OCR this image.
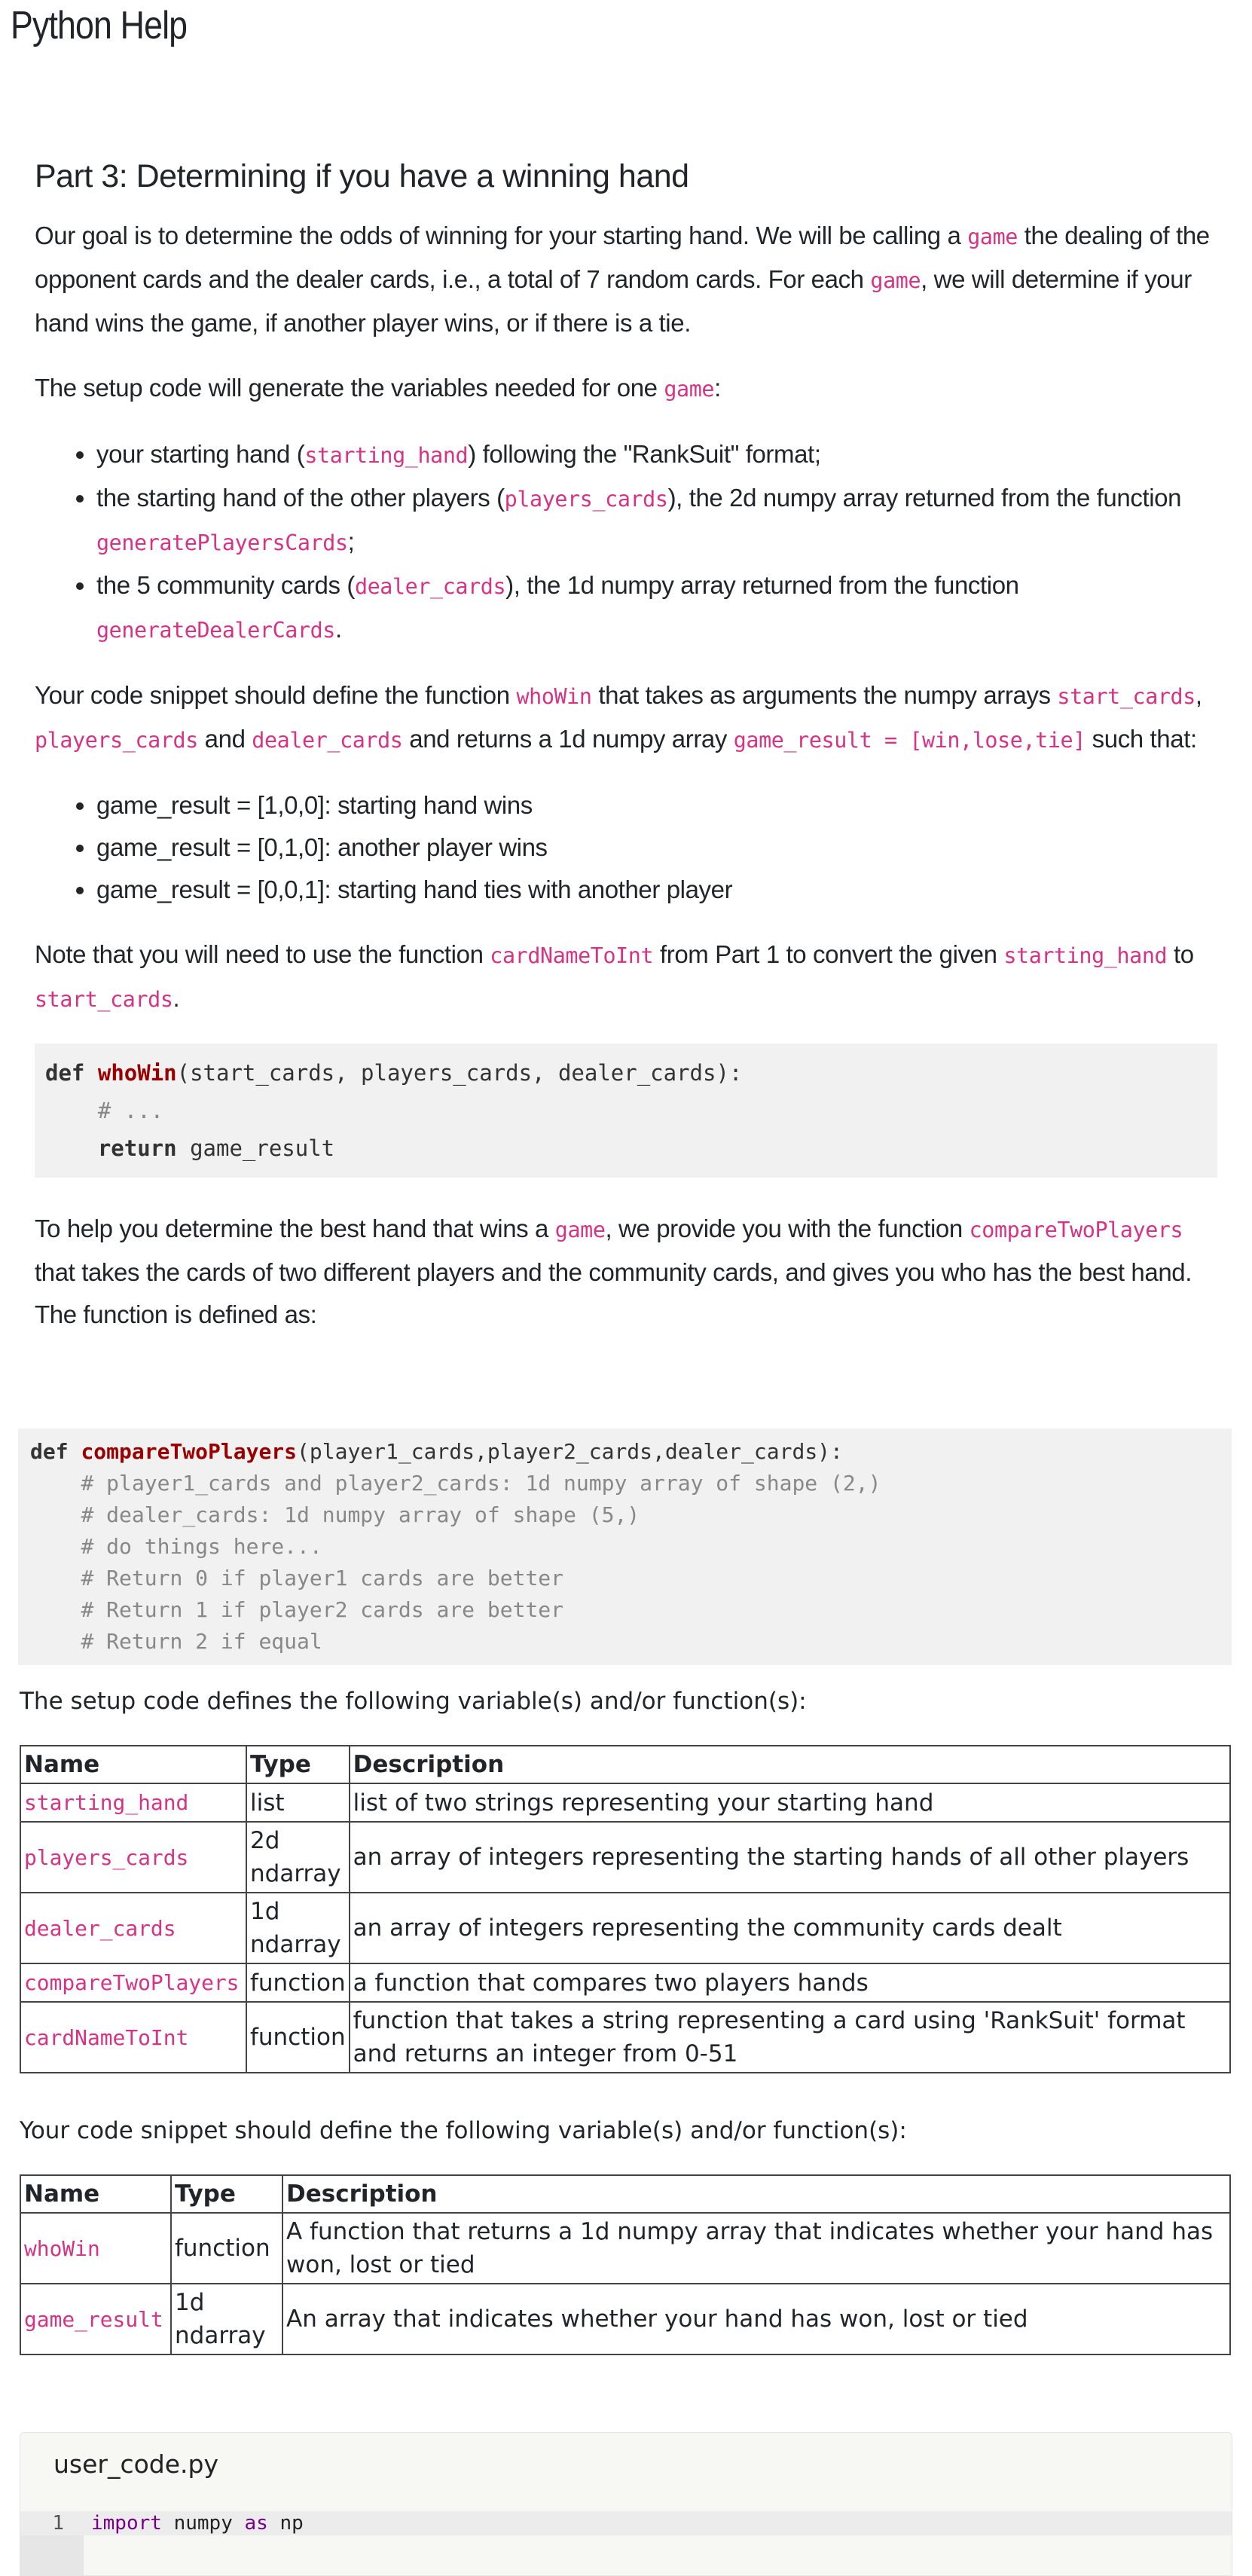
Python Help
Part 3: Determining if you have a winning hand

Our goal is to determine the odds of winning for your starting hand. We will be calling a game the dealing of the opponent cards and the dealer cards, i.e., a total of 7 random cards. For each game, we will determine if your hand wins the game, if another player wins, or if there is a tie.

The setup code will generate the variables needed for one game:

• your starting hand (starting_hand) following the "RankSuit" format;
• the starting hand of the other players (players_cards), the 2d numpy array returned from the function generatePlayersCards;
• the 5 community cards (dealer_cards), the 1d numpy array returned from the function generateDealerCards.

Your code snippet should define the function whoWin that takes as arguments the numpy arrays start_cards, players_cards and dealer_cards and returns a 1d numpy array game_result = [win,lose,tie] such that:

• game_result = [1,0,0]: starting hand wins
• game_result = [0,1,0]: another player wins
• game_result = [0,0,1]: starting hand ties with another player

Note that you will need to use the function cardNameToInt from Part 1 to convert the given starting_hand to start_cards.

def whoWin(start_cards, players_cards, dealer_cards):
# ...
return game_result

To help you determine the best hand that wins a game, we provide you with the function compareTwoPlayers that takes the cards of two different players and the community cards, and gives you who has the best hand. The function is defined as:

def compareTwoPlayers(player1_cards,player2_cards,dealer_cards):
# player1_cards and player2_cards: 1d numpy array of shape (2,)
# dealer_cards: 1d numpy array of shape (5,)
# do things here...
# Return 0 if player1 cards are better
# Return 1 if player2 cards are better
# Return 2 if equal

The setup code defines the following variable(s) and/or function(s):

Name	Type	Description
starting_hand	list	list of two strings representing your starting hand
players_cards	2d ndarray	an array of integers representing the starting hands of all other players
dealer_cards	1d ndarray	an array of integers representing the community cards dealt
compareTwoPlayers	function	a function that compares two players hands
cardNameToInt	function	function that takes a string representing a card using 'RankSuit' format and returns an integer from 0-51

Your code snippet should define the following variable(s) and/or function(s):

Name	Type	Description
whoWin	function	A function that returns a 1d numpy array that indicates whether your hand has won, lost or tied
game_result	1d ndarray	An array that indicates whether your hand has won, lost or tied
user_code.py
1 import numpy as np
